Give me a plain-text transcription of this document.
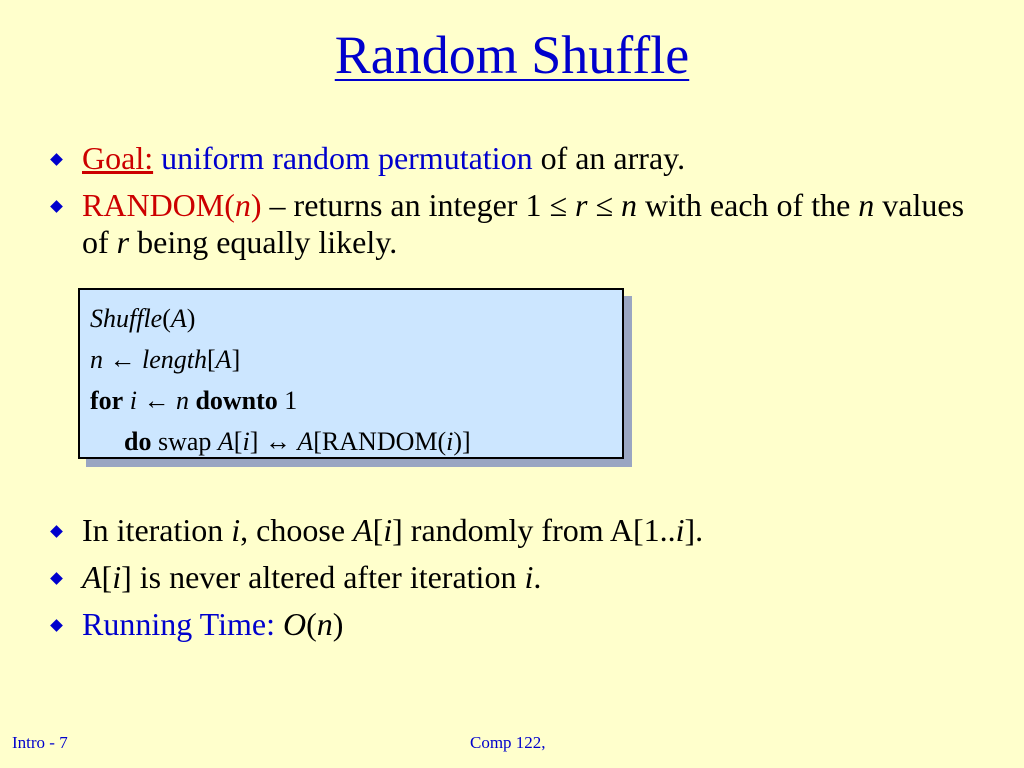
Random Shuffle
Goal: uniform random permutation of an array.
RANDOM(n) – returns an integer 1 ≤ r ≤ n with each of the n values of r being equally likely.
Shuffle(A)
n ← length[A]
for i ← n downto 1
do swap A[i] ↔ A[RANDOM(i)]
In iteration i, choose A[i] randomly from A[1..i].
A[i] is never altered after iteration i.
Running Time: O(n)
Intro - 7	Comp 122,
